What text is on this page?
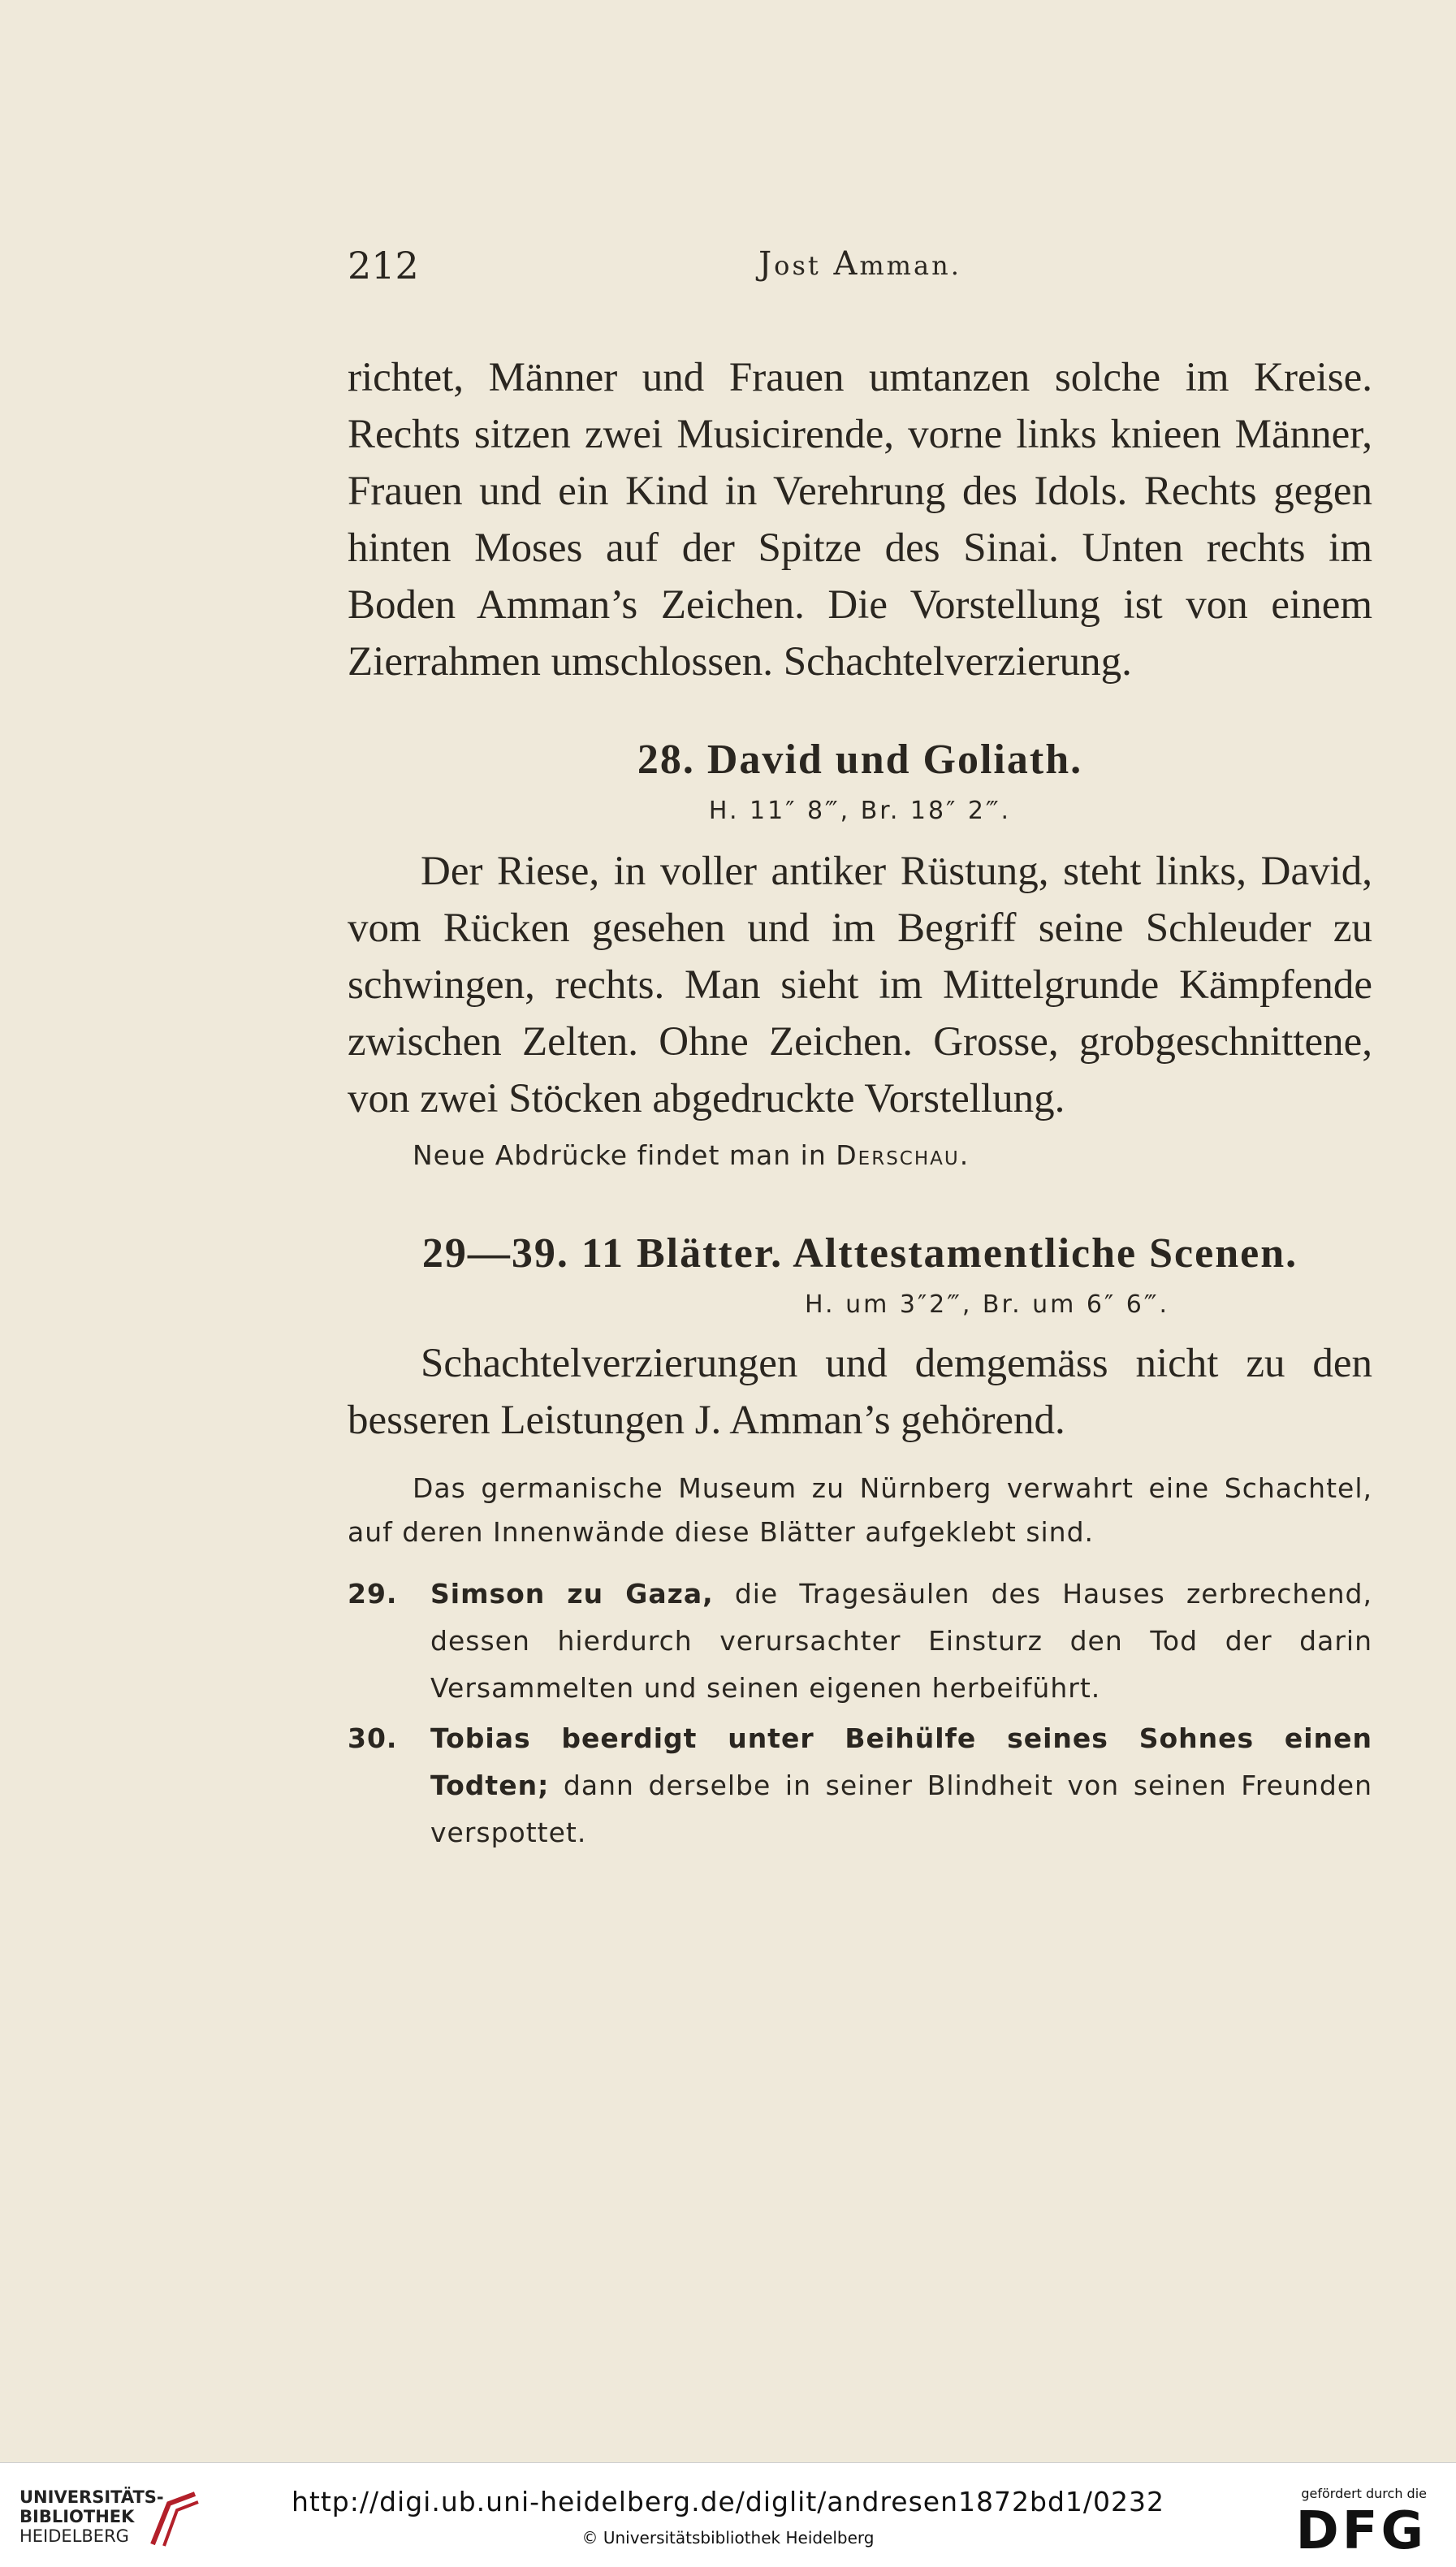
212	Jost Amman.

richtet, Männer und Frauen umtanzen solche im Kreise. Rechts sitzen zwei Musicirende, vorne links knieen Männer, Frauen und ein Kind in Verehrung des Idols. Rechts gegen hinten Moses auf der Spitze des Sinai. Unten rechts im Boden Amman’s Zeichen. Die Vorstellung ist von einem Zierrahmen umschlossen. Schachtelverzierung.

28. David und Goliath.

H. 11″ 8‴, Br. 18″ 2‴.

Der Riese, in voller antiker Rüstung, steht links, David, vom Rücken gesehen und im Begriff seine Schleuder zu schwingen, rechts. Man sieht im Mittelgrunde Kämpfende zwischen Zelten. Ohne Zeichen. Grosse, grobgeschnittene, von zwei Stöcken abgedruckte Vorstellung.

Neue Abdrücke findet man in Derschau.

29—39. 11 Blätter. Alttestamentliche Scenen.

H. um 3″2‴, Br. um 6″ 6‴.

Schachtelverzierungen und demgemäss nicht zu den besseren Leistungen J. Amman’s gehörend.

Das germanische Museum zu Nürnberg verwahrt eine Schachtel, auf deren Innenwände diese Blätter aufgeklebt sind.

29.	Simson zu Gaza, die Tragesäulen des Hauses zerbrechend, dessen hierdurch verursachter Einsturz den Tod der darin Versammelten und seinen eigenen herbeiführt.
30.	Tobias beerdigt unter Beihülfe seines Sohnes einen Todten; dann derselbe in seiner Blindheit von seinen Freunden verspottet.
UNIVERSITÄTS-
BIBLIOTHEK
HEIDELBERG
http://digi.ub.uni-heidelberg.de/diglit/andresen1872bd1/0232
© Universitätsbibliothek Heidelberg
gefördert durch die
DFG
